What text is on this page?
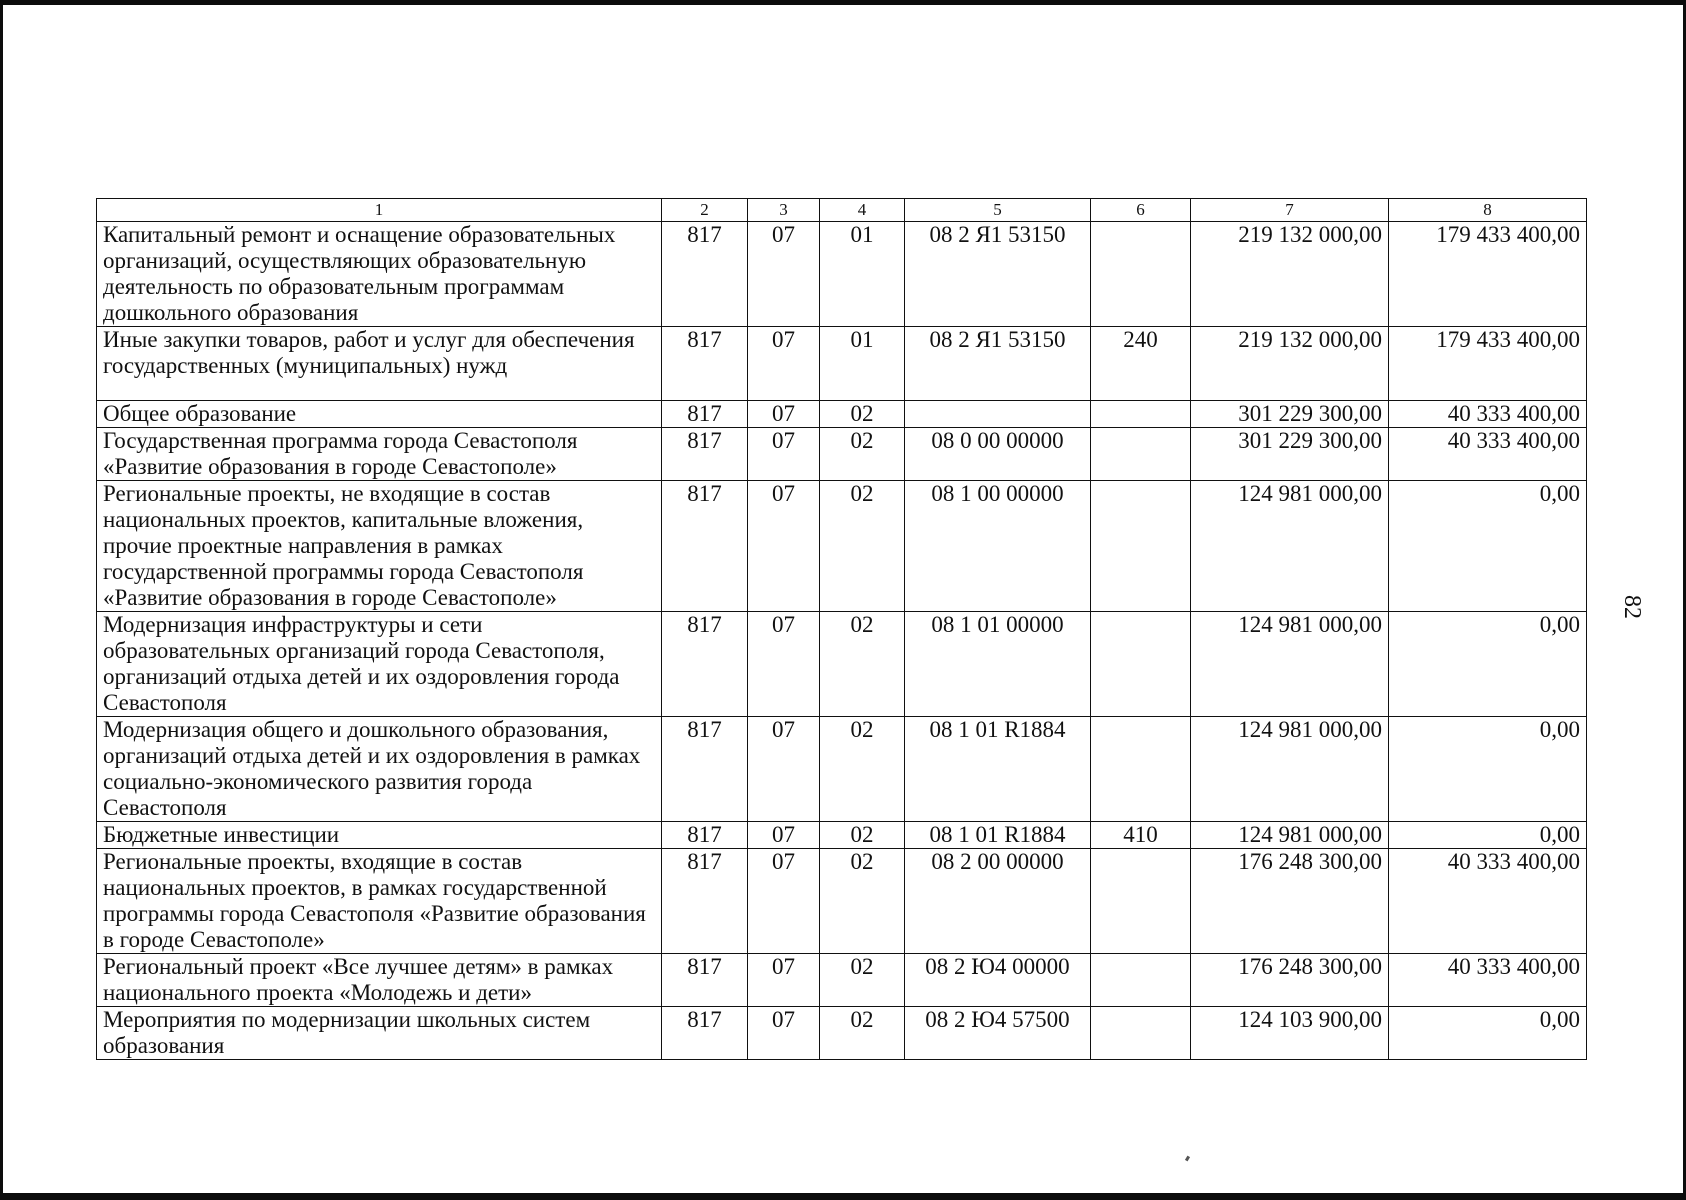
1	2	3	4	5	6	7	8
Капитальный ремонт и оснащение образовательных организаций, осуществляющих образовательную деятельность по образовательным программам дошкольного образования	817	07	01	08 2 Я1 53150		219 132 000,00	179 433 400,00
Иные закупки товаров, работ и услуг для обеспечения государственных (муниципальных) нужд	817	07	01	08 2 Я1 53150	240	219 132 000,00	179 433 400,00
Общее образование	817	07	02			301 229 300,00	40 333 400,00
Государственная программа города Севастополя «Развитие образования в городе Севастополе»	817	07	02	08 0 00 00000		301 229 300,00	40 333 400,00
Региональные проекты, не входящие в состав национальных проектов, капитальные вложения, прочие проектные направления в рамках государственной программы города Севастополя «Развитие образования в городе Севастополе»	817	07	02	08 1 00 00000		124 981 000,00	0,00
Модернизация инфраструктуры и сети образовательных организаций города Севастополя, организаций отдыха детей и их оздоровления города Севастополя	817	07	02	08 1 01 00000		124 981 000,00	0,00
Модернизация общего и дошкольного образования, организаций отдыха детей и их оздоровления в рамках социально-экономического развития города Севастополя	817	07	02	08 1 01 R1884		124 981 000,00	0,00
Бюджетные инвестиции	817	07	02	08 1 01 R1884	410	124 981 000,00	0,00
Региональные проекты, входящие в состав национальных проектов, в рамках государственной программы города Севастополя «Развитие образования в городе Севастополе»	817	07	02	08 2 00 00000		176 248 300,00	40 333 400,00
Региональный проект «Все лучшее детям» в рамках национального проекта «Молодежь и дети»	817	07	02	08 2 Ю4 00000		176 248 300,00	40 333 400,00
Мероприятия по модернизации школьных систем образования	817	07	02	08 2 Ю4 57500		124 103 900,00	0,00
82
